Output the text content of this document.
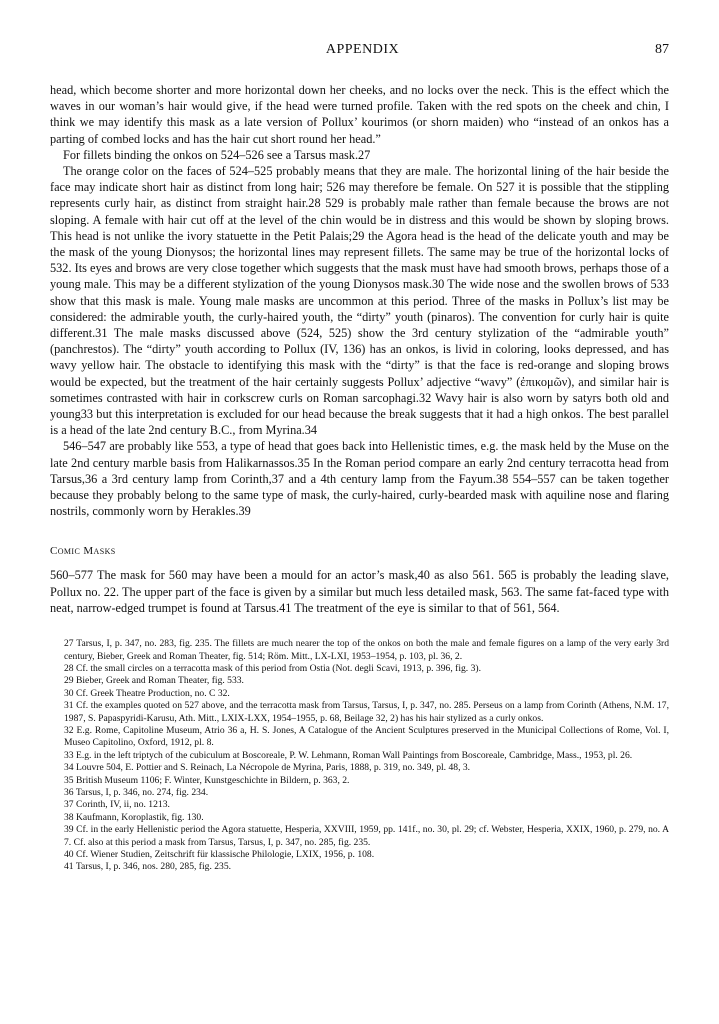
APPENDIX	87

head, which become shorter and more horizontal down her cheeks, and no locks over the neck. This is the effect which the waves in our woman’s hair would give, if the head were turned profile. Taken with the red spots on the cheek and chin, I think we may identify this mask as a late version of Pollux’ kourimos (or shorn maiden) who “instead of an onkos has a parting of combed locks and has the hair cut short round her head.”

For fillets binding the onkos on 524–526 see a Tarsus mask.27

The orange color on the faces of 524–525 probably means that they are male. The horizontal lining of the hair beside the face may indicate short hair as distinct from long hair; 526 may therefore be female. On 527 it is possible that the stippling represents curly hair, as distinct from straight hair.28 529 is probably male rather than female because the brows are not sloping. A female with hair cut off at the level of the chin would be in distress and this would be shown by sloping brows. This head is not unlike the ivory statuette in the Petit Palais;29 the Agora head is the head of the delicate youth and may be the mask of the young Dionysos; the horizontal lines may represent fillets. The same may be true of the horizontal locks of 532. Its eyes and brows are very close together which suggests that the mask must have had smooth brows, perhaps those of a young male. This may be a different stylization of the young Dionysos mask.30 The wide nose and the swollen brows of 533 show that this mask is male. Young male masks are uncommon at this period. Three of the masks in Pollux’s list may be considered: the admirable youth, the curly-haired youth, the “dirty” youth (pinaros). The convention for curly hair is quite different.31 The male masks discussed above (524, 525) show the 3rd century stylization of the “admirable youth” (panchrestos). The “dirty” youth according to Pollux (IV, 136) has an onkos, is livid in coloring, looks depressed, and has wavy yellow hair. The obstacle to identifying this mask with the “dirty” is that the face is red-orange and sloping brows would be expected, but the treatment of the hair certainly suggests Pollux’ adjective “wavy” (ἐπικομῶν), and similar hair is sometimes contrasted with hair in corkscrew curls on Roman sarcophagi.32 Wavy hair is also worn by satyrs both old and young33 but this interpretation is excluded for our head because the break suggests that it had a high onkos. The best parallel is a head of the late 2nd century B.C., from Myrina.34

546–547 are probably like 553, a type of head that goes back into Hellenistic times, e.g. the mask held by the Muse on the late 2nd century marble basis from Halikarnassos.35 In the Roman period compare an early 2nd century terracotta head from Tarsus,36 a 3rd century lamp from Corinth,37 and a 4th century lamp from the Fayum.38 554–557 can be taken together because they probably belong to the same type of mask, the curly-haired, curly-bearded mask with aquiline nose and flaring nostrils, commonly worn by Herakles.39

Comic Masks

560–577 The mask for 560 may have been a mould for an actor’s mask,40 as also 561. 565 is probably the leading slave, Pollux no. 22. The upper part of the face is given by a similar but much less detailed mask, 563. The same fat-faced type with neat, narrow-edged trumpet is found at Tarsus.41 The treatment of the eye is similar to that of 561, 564.

27 Tarsus, I, p. 347, no. 283, fig. 235. The fillets are much nearer the top of the onkos on both the male and female figures on a lamp of the very early 3rd century, Bieber, Greek and Roman Theater, fig. 514; Röm. Mitt., LX-LXI, 1953–1954, p. 103, pl. 36, 2.

28 Cf. the small circles on a terracotta mask of this period from Ostia (Not. degli Scavi, 1913, p. 396, fig. 3).

29 Bieber, Greek and Roman Theater, fig. 533.

30 Cf. Greek Theatre Production, no. C 32.

31 Cf. the examples quoted on 527 above, and the terracotta mask from Tarsus, Tarsus, I, p. 347, no. 285. Perseus on a lamp from Corinth (Athens, N.M. 17, 1987, S. Papaspyridi-Karusu, Ath. Mitt., LXIX-LXX, 1954–1955, p. 68, Beilage 32, 2) has his hair stylized as a curly onkos.

32 E.g. Rome, Capitoline Museum, Atrio 36 a, H. S. Jones, A Catalogue of the Ancient Sculptures preserved in the Municipal Collections of Rome, Vol. I, Museo Capitolino, Oxford, 1912, pl. 8.

33 E.g. in the left triptych of the cubiculum at Boscoreale, P. W. Lehmann, Roman Wall Paintings from Boscoreale, Cambridge, Mass., 1953, pl. 26.

34 Louvre 504, E. Pottier and S. Reinach, La Nécropole de Myrina, Paris, 1888, p. 319, no. 349, pl. 48, 3.

35 British Museum 1106; F. Winter, Kunstgeschichte in Bildern, p. 363, 2.

36 Tarsus, I, p. 346, no. 274, fig. 234.

37 Corinth, IV, ii, no. 1213.

38 Kaufmann, Koroplastik, fig. 130.

39 Cf. in the early Hellenistic period the Agora statuette, Hesperia, XXVIII, 1959, pp. 141f., no. 30, pl. 29; cf. Webster, Hesperia, XXIX, 1960, p. 279, no. A 7. Cf. also at this period a mask from Tarsus, Tarsus, I, p. 347, no. 285, fig. 235.

40 Cf. Wiener Studien, Zeitschrift für klassische Philologie, LXIX, 1956, p. 108.

41 Tarsus, I, p. 346, nos. 280, 285, fig. 235.
